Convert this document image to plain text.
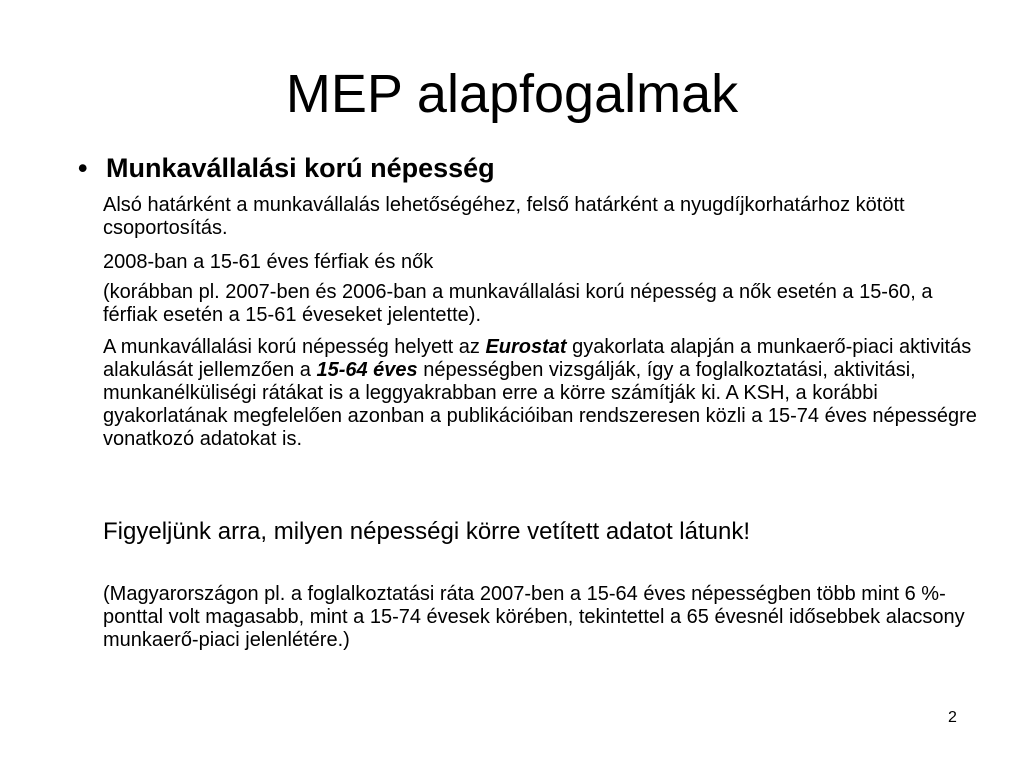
MEP alapfogalmak
• Munkavállalási korú népesség
Alsó határként a munkavállalás lehetőségéhez, felső határként a nyugdíjkorhatárhoz kötött csoportosítás.
2008-ban a 15-61 éves férfiak és nők
(korábban pl. 2007-ben és 2006-ban a munkavállalási korú népesség a nők esetén a 15-60, a férfiak esetén a 15-61 éveseket jelentette).
A munkavállalási korú népesség helyett az Eurostat gyakorlata alapján a munkaerő-piaci aktivitás alakulását jellemzően a 15-64 éves népességben vizsgálják, így a foglalkoztatási, aktivitási, munkanélküliségi rátákat is a leggyakrabban erre a körre számítják ki. A KSH, a korábbi gyakorlatának megfelelően azonban a publikációiban rendszeresen közli a 15-74 éves népességre vonatkozó adatokat is.
Figyeljünk arra, milyen népességi körre vetített adatot látunk!
(Magyarországon pl. a foglalkoztatási ráta 2007-ben a 15-64 éves népességben több mint 6 %-ponttal volt magasabb, mint a 15-74 évesek körében, tekintettel a 65 évesnél idősebbek alacsony munkaerő-piaci jelenlétére.)
2
